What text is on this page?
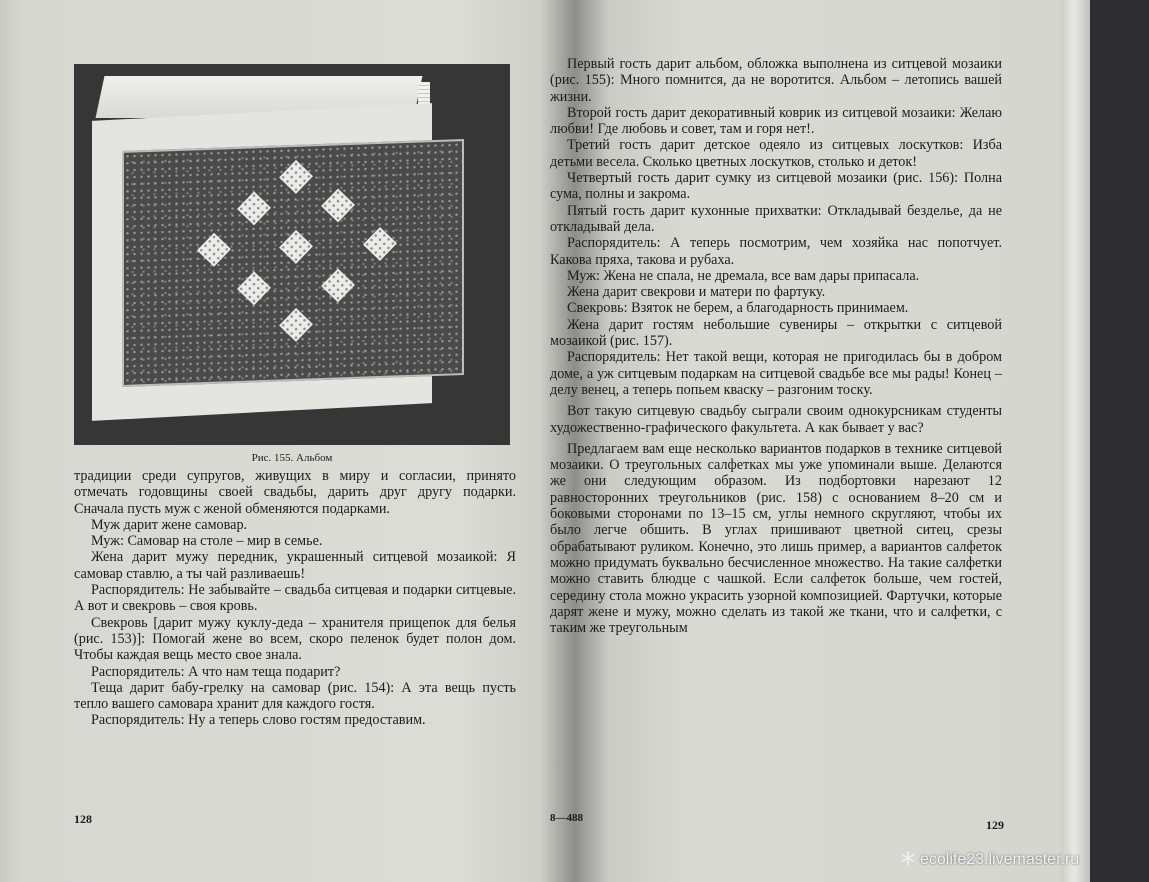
Рис. 155. Альбом

традиции среди супругов, живущих в миру и согласии, принято отмечать годовщины своей свадьбы, дарить друг другу подарки. Сначала пусть муж с женой обменяются подарками.

Муж дарит жене самовар.

Муж: Самовар на столе – мир в семье.

Жена дарит мужу передник, украшенный ситцевой мозаикой: Я самовар ставлю, а ты чай разливаешь!

Распорядитель: Не забывайте – свадьба ситцевая и подарки ситцевые. А вот и свекровь – своя кровь.

Свекровь [дарит мужу куклу-деда – хранителя прищепок для белья (рис. 153)]: Помогай жене во всем, скоро пеленок будет полон дом. Чтобы каждая вещь место свое знала.

Распорядитель: А что нам теща подарит?

Теща дарит бабу-грелку на самовар (рис. 154): А эта вещь пусть тепло вашего самовара хранит для каждого гостя.

Распорядитель: Ну а теперь слово гостям предоставим.

128

Первый гость дарит альбом, обложка выполнена из ситцевой мозаики (рис. 155): Много помнится, да не воротится. Альбом – летопись вашей жизни.

Второй гость дарит декоративный коврик из ситцевой мозаики: Желаю любви! Где любовь и совет, там и горя нет!.

Третий гость дарит детское одеяло из ситцевых лоскутков: Изба детьми весела. Сколько цветных лоскутков, столько и деток!

Четвертый гость дарит сумку из ситцевой мозаики (рис. 156): Полна сума, полны и закрома.

Пятый гость дарит кухонные прихватки: Откладывай безделье, да не откладывай дела.

Распорядитель: А теперь посмотрим, чем хозяйка нас попотчует. Какова пряха, такова и рубаха.

Муж: Жена не спала, не дремала, все вам дары припасала.

Жена дарит свекрови и матери по фартуку.

Свекровь: Взяток не берем, а благодарность принимаем.

Жена дарит гостям небольшие сувениры – открытки с ситцевой мозаикой (рис. 157).

Распорядитель: Нет такой вещи, которая не пригодилась бы в добром доме, а уж ситцевым подаркам на ситцевой свадьбе все мы рады! Конец – делу венец, а теперь попьем кваску – разгоним тоску.

Вот такую ситцевую свадьбу сыграли своим однокурсникам студенты художественно-графического факультета. А как бывает у вас?

Предлагаем вам еще несколько вариантов подарков в технике ситцевой мозаики. О треугольных салфетках мы уже упоминали выше. Делаются же они следующим образом. Из подбортовки нарезают 12 равносторонних треугольников (рис. 158) с основанием 8–20 см и боковыми сторонами по 13–15 см, углы немного скругляют, чтобы их было легче обшить. В углах пришивают цветной ситец, срезы обрабатывают руликом. Конечно, это лишь пример, а вариантов салфеток можно придумать буквально бесчисленное множество. На такие салфетки можно ставить блюдце с чашкой. Если салфеток больше, чем гостей, середину стола можно украсить узорной композицией. Фартучки, которые дарят жене и мужу, можно сделать из такой же ткани, что и салфетки, с таким же треугольным

8—488	129
ecolife23.livemaster.ru
